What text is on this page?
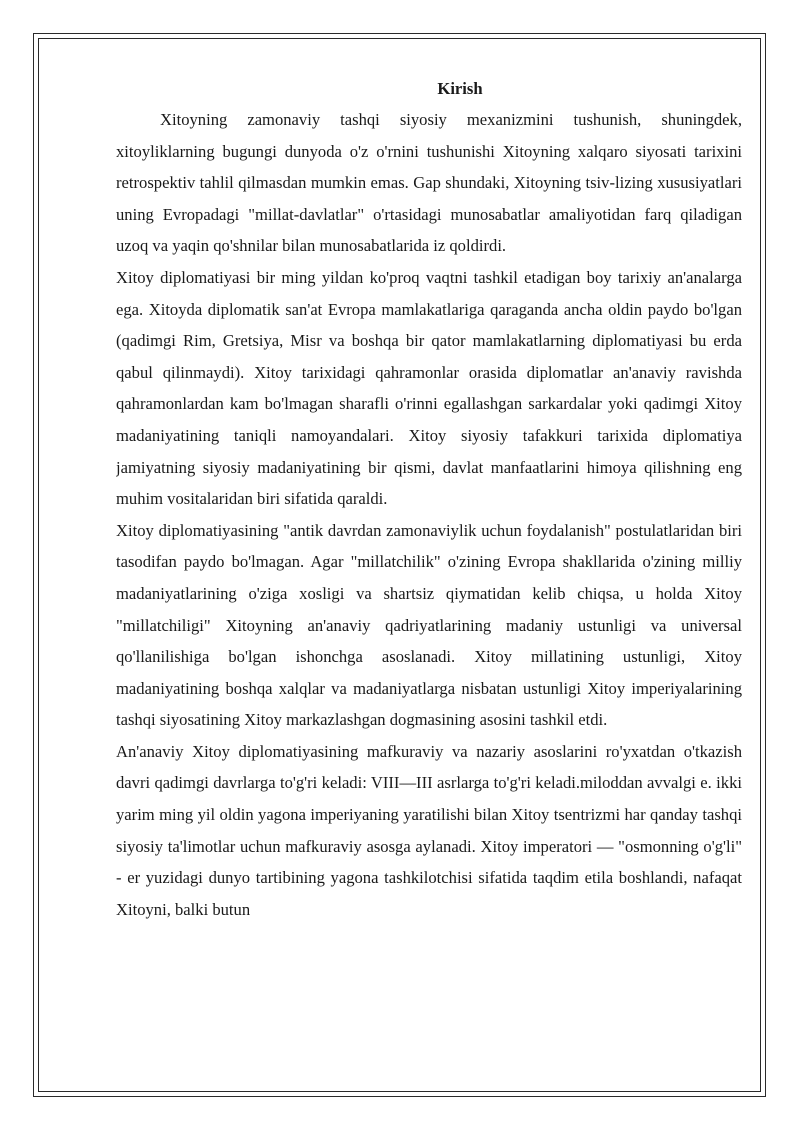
Kirish

Xitoyning zamonaviy tashqi siyosiy mexanizmini tushunish, shuningdek, xitoyliklarning bugungi dunyoda o'z o'rnini tushunishi Xitoyning xalqaro siyosati tarixini retrospektiv tahlil qilmasdan mumkin emas. Gap shundaki, Xitoyning tsiv-lizing xususiyatlari uning Evropadagi "millat-davlatlar" o'rtasidagi munosabatlar amaliyotidan farq qiladigan uzoq va yaqin qo'shnilar bilan munosabatlarida iz qoldirdi.

Xitoy diplomatiyasi bir ming yildan ko'proq vaqtni tashkil etadigan boy tarixiy an'analarga ega. Xitoyda diplomatik san'at Evropa mamlakatlariga qaraganda ancha oldin paydo bo'lgan (qadimgi Rim, Gretsiya, Misr va boshqa bir qator mamlakatlarning diplomatiyasi bu erda qabul qilinmaydi). Xitoy tarixidagi qahramonlar orasida diplomatlar an'anaviy ravishda qahramonlardan kam bo'lmagan sharafli o'rinni egallashgan sarkardalar yoki qadimgi Xitoy madaniyatining taniqli namoyandalari. Xitoy siyosiy tafakkuri tarixida diplomatiya jamiyatning siyosiy madaniyatining bir qismi, davlat manfaatlarini himoya qilishning eng muhim vositalaridan biri sifatida qaraldi.

Xitoy diplomatiyasining "antik davrdan zamonaviylik uchun foydalanish" postulatlaridan biri tasodifan paydo bo'lmagan. Agar "millatchilik" o'zining Evropa shakllarida o'zining milliy madaniyatlarining o'ziga xosligi va shartsiz qiymatidan kelib chiqsa, u holda Xitoy "millatchiligi" Xitoyning an'anaviy qadriyatlarining madaniy ustunligi va universal qo'llanilishiga bo'lgan ishonchga asoslanadi. Xitoy millatining ustunligi, Xitoy madaniyatining boshqa xalqlar va madaniyatlarga nisbatan ustunligi Xitoy imperiyalarining tashqi siyosatining Xitoy markazlashgan dogmasining asosini tashkil etdi.

An'anaviy Xitoy diplomatiyasining mafkuraviy va nazariy asoslarini ro'yxatdan o'tkazish davri qadimgi davrlarga to'g'ri keladi: VIII—III asrlarga to'g'ri keladi.miloddan avvalgi e. ikki yarim ming yil oldin yagona imperiyaning yaratilishi bilan Xitoy tsentrizmi har qanday tashqi siyosiy ta'limotlar uchun mafkuraviy asosga aylanadi. Xitoy imperatori — "osmonning o'g'li" - er yuzidagi dunyo tartibining yagona tashkilotchisi sifatida taqdim etila boshlandi, nafaqat Xitoyni, balki butun
